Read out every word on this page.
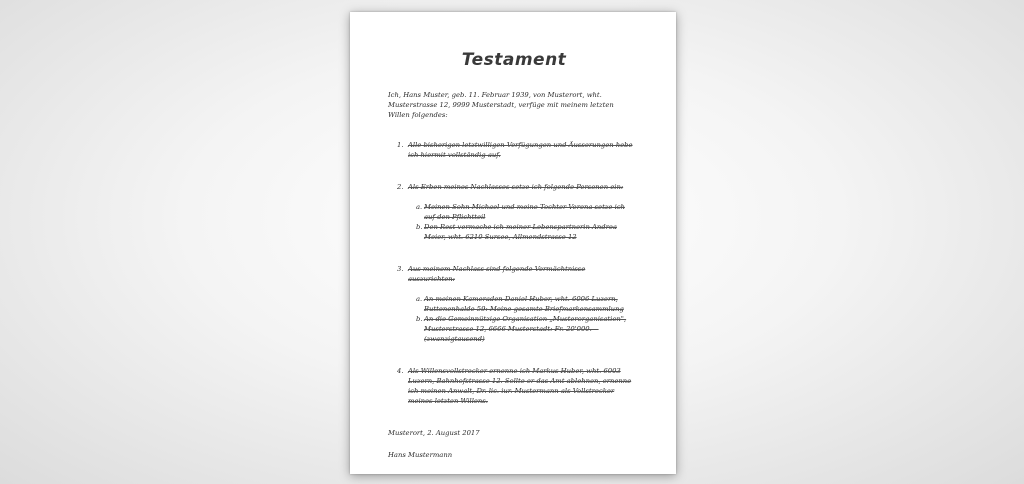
Testament
Ich, Hans Muster, geb. 11. Februar 1939, von Musterort, wht. Musterstrasse 12, 9999 Musterstadt, verfüge mit meinem letzten Willen folgendes:
1. Alle bisherigen letztwilligen Verfügungen und Äusserungen hebe ich hiermit vollständig auf.
2. Als Erben meines Nachlasses setze ich folgende Personen ein:
a. Meinen Sohn Michael und meine Tochter Verena setze ich auf den Pflichtteil
b. Den Rest vermache ich meiner Lebenspartnerin Andrea Meier, wht. 6210 Sursee, Allmendstrasse 12
3. Aus meinem Nachlass sind folgende Vermächtnisse auszurichten:
a. An meinen Kameraden Daniel Huber, wht. 6006 Luzern, Buttenenhalde 59: Meine gesamte Briefmarkensammlung
b. An die Gemeinnützige Organisation „Musterorganisation", Musterstrasse 12, 6666 Musterstadt: Fr. 20'000.— (zwanzigtausend)
4. Als Willensvollstrecker ernenne ich Markus Huber, wht. 6003 Luzern, Bahnhofstrasse 12. Sollte er das Amt ablehnen, ernenne ich meinen Anwalt, Dr. lic. iur. Mustermann als Vollstrecker meines letzten Willens.
Musterort, 2. August 2017
Hans Mustermann
